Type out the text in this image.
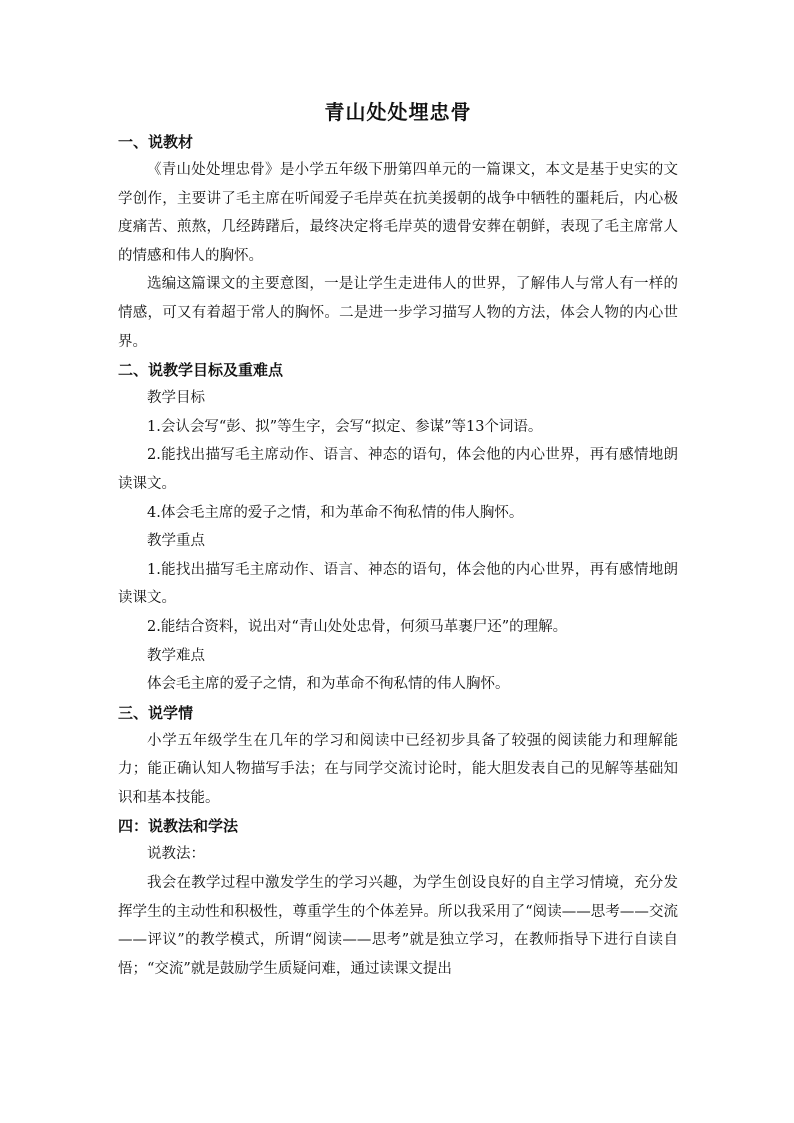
青山处处埋忠骨
一、说教材
《青山处处埋忠骨》是小学五年级下册第四单元的一篇课文，本文是基于史实的文学创作，主要讲了毛主席在听闻爱子毛岸英在抗美援朝的战争中牺牲的噩耗后，内心极度痛苦、煎熬，几经踌躇后，最终决定将毛岸英的遗骨安葬在朝鲜，表现了毛主席常人的情感和伟人的胸怀。
选编这篇课文的主要意图，一是让学生走进伟人的世界，了解伟人与常人有一样的情感，可又有着超于常人的胸怀。二是进一步学习描写人物的方法，体会人物的内心世界。
二、说教学目标及重难点
教学目标
1.会认会写“彭、拟”等生字，会写“拟定、参谋”等13个词语。
2.能找出描写毛主席动作、语言、神态的语句，体会他的内心世界，再有感情地朗读课文。
4.体会毛主席的爱子之情，和为革命不徇私情的伟人胸怀。
教学重点
1.能找出描写毛主席动作、语言、神态的语句，体会他的内心世界，再有感情地朗读课文。
2.能结合资料，说出对“青山处处忠骨，何须马革裹尸还”的理解。
教学难点
体会毛主席的爱子之情，和为革命不徇私情的伟人胸怀。
三、说学情
小学五年级学生在几年的学习和阅读中已经初步具备了较强的阅读能力和理解能力；能正确认知人物描写手法；在与同学交流讨论时，能大胆发表自己的见解等基础知识和基本技能。
四：说教法和学法
说教法：
我会在教学过程中激发学生的学习兴趣，为学生创设良好的自主学习情境，充分发挥学生的主动性和积极性，尊重学生的个体差异。所以我采用了“阅读——思考——交流——评议”的教学模式，所谓“阅读——思考”就是独立学习，在教师指导下进行自读自悟；“交流”就是鼓励学生质疑问难，通过读课文提出
